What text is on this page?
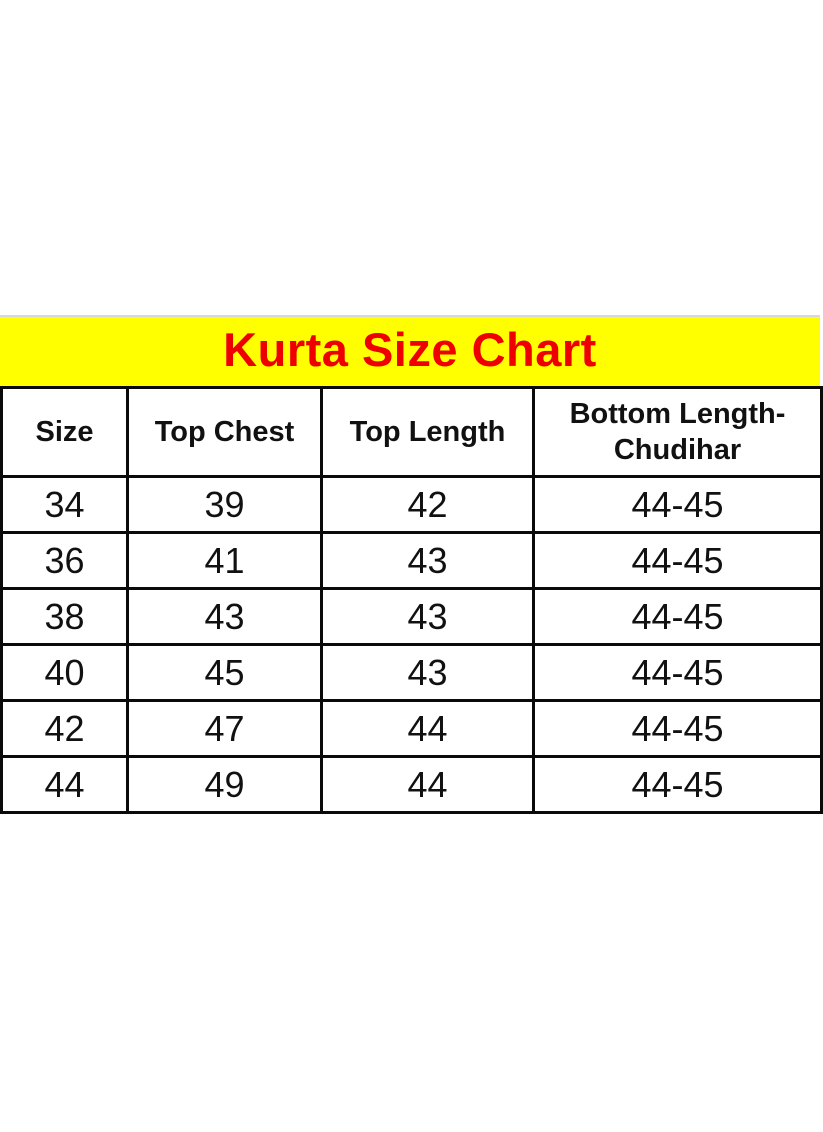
Kurta Size Chart
Size	Top Chest	Top Length	Bottom Length-Chudihar
34	39	42	44-45
36	41	43	44-45
38	43	43	44-45
40	45	43	44-45
42	47	44	44-45
44	49	44	44-45
